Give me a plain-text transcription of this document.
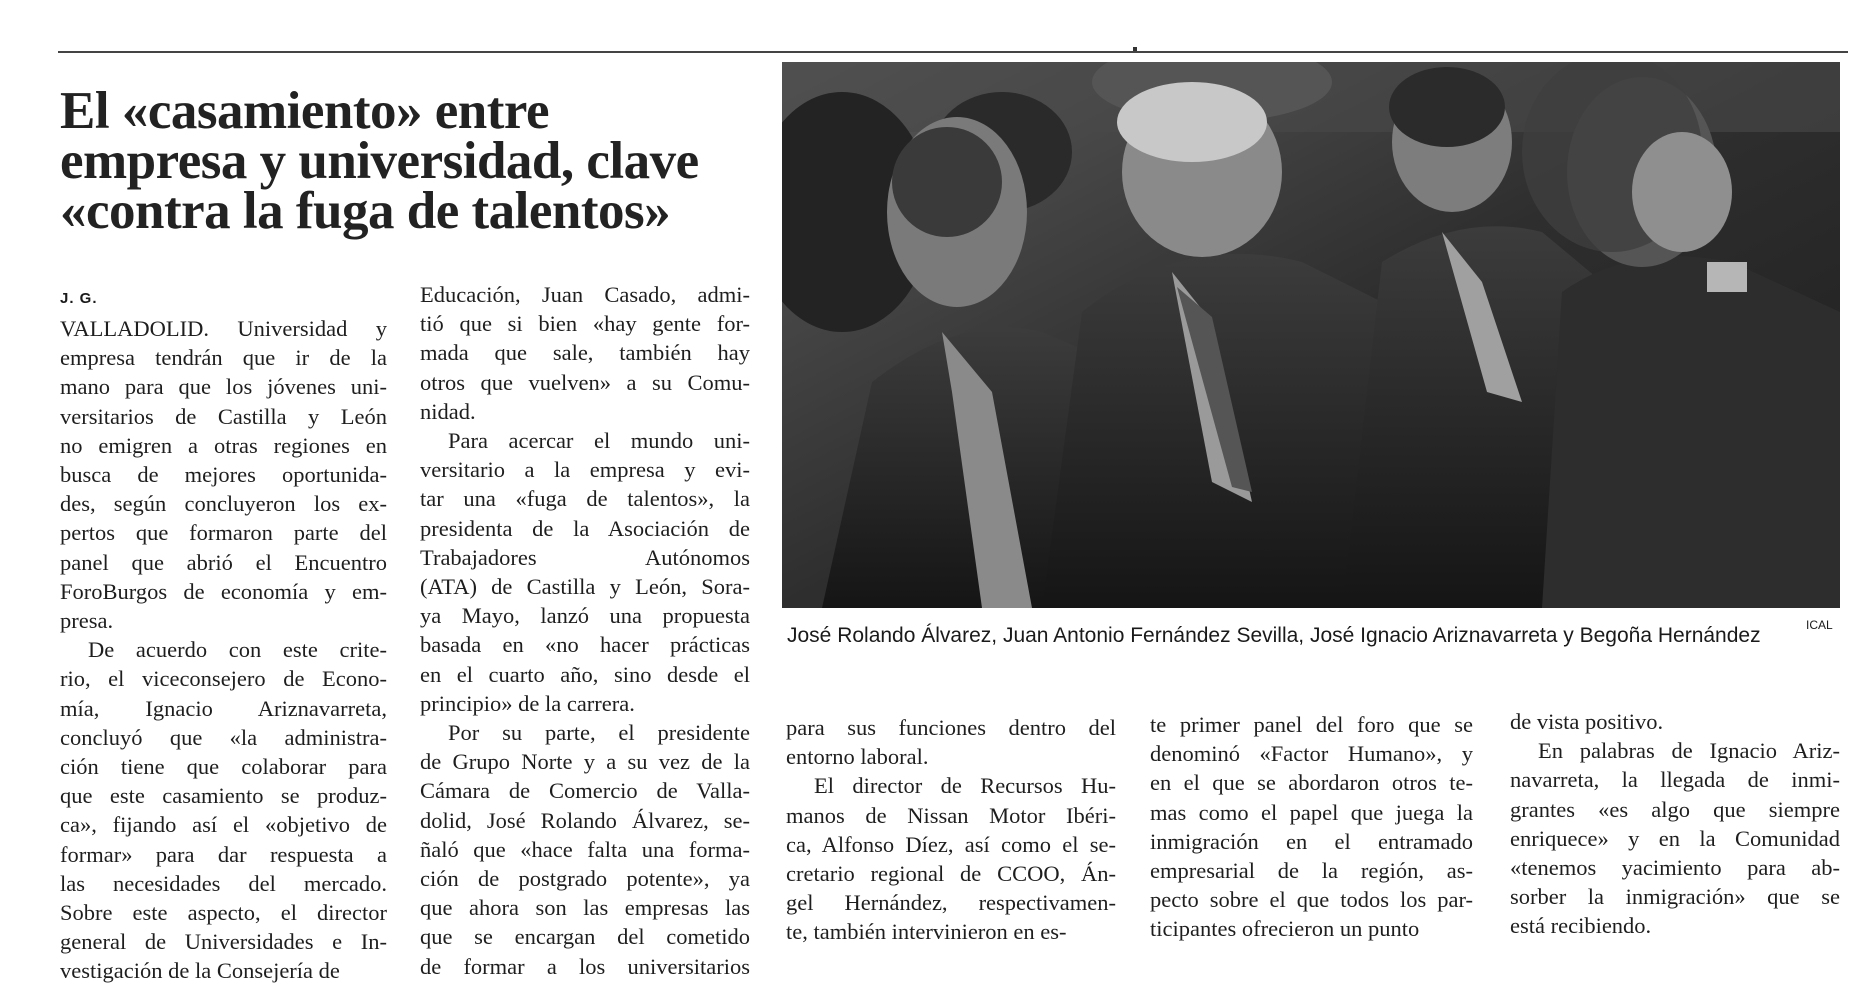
El «casamiento» entre
empresa y universidad, clave
«contra la fuga de talentos»
J. G.
VALLADOLID. Universidad y
empresa tendrán que ir de la
mano para que los jóvenes uni-
versitarios de Castilla y León
no emigren a otras regiones en
busca de mejores oportunida-
des, según concluyeron los ex-
pertos que formaron parte del
panel que abrió el Encuentro
ForoBurgos de economía y em-
presa.
De acuerdo con este crite-
rio, el viceconsejero de Econo-
mía, Ignacio Ariznavarreta,
concluyó que «la administra-
ción tiene que colaborar para
que este casamiento se produz-
ca», fijando así el «objetivo de
formar» para dar respuesta a
las necesidades del mercado.
Sobre este aspecto, el director
general de Universidades e In-
vestigación de la Consejería de
Educación, Juan Casado, admi-
tió que si bien «hay gente for-
mada que sale, también hay
otros que vuelven» a su Comu-
nidad.
Para acercar el mundo uni-
versitario a la empresa y evi-
tar una «fuga de talentos», la
presidenta de la Asociación de
Trabajadores Autónomos
(ATA) de Castilla y León, Sora-
ya Mayo, lanzó una propuesta
basada en «no hacer prácticas
en el cuarto año, sino desde el
principio» de la carrera.
Por su parte, el presidente
de Grupo Norte y a su vez de la
Cámara de Comercio de Valla-
dolid, José Rolando Álvarez, se-
ñaló que «hace falta una forma-
ción de postgrado potente», ya
que ahora son las empresas las
que se encargan del cometido
de formar a los universitarios
José Rolando Álvarez, Juan Antonio Fernández Sevilla, José Ignacio Ariznavarreta y Begoña Hernández	ICAL
para sus funciones dentro del
entorno laboral.
El director de Recursos Hu-
manos de Nissan Motor Ibéri-
ca, Alfonso Díez, así como el se-
cretario regional de CCOO, Án-
gel Hernández, respectivamen-
te, también intervinieron en es-
te primer panel del foro que se
denominó «Factor Humano», y
en el que se abordaron otros te-
mas como el papel que juega la
inmigración en el entramado
empresarial de la región, as-
pecto sobre el que todos los par-
ticipantes ofrecieron un punto
de vista positivo.
En palabras de Ignacio Ariz-
navarreta, la llegada de inmi-
grantes «es algo que siempre
enriquece» y en la Comunidad
«tenemos yacimiento para ab-
sorber la inmigración» que se
está recibiendo.
